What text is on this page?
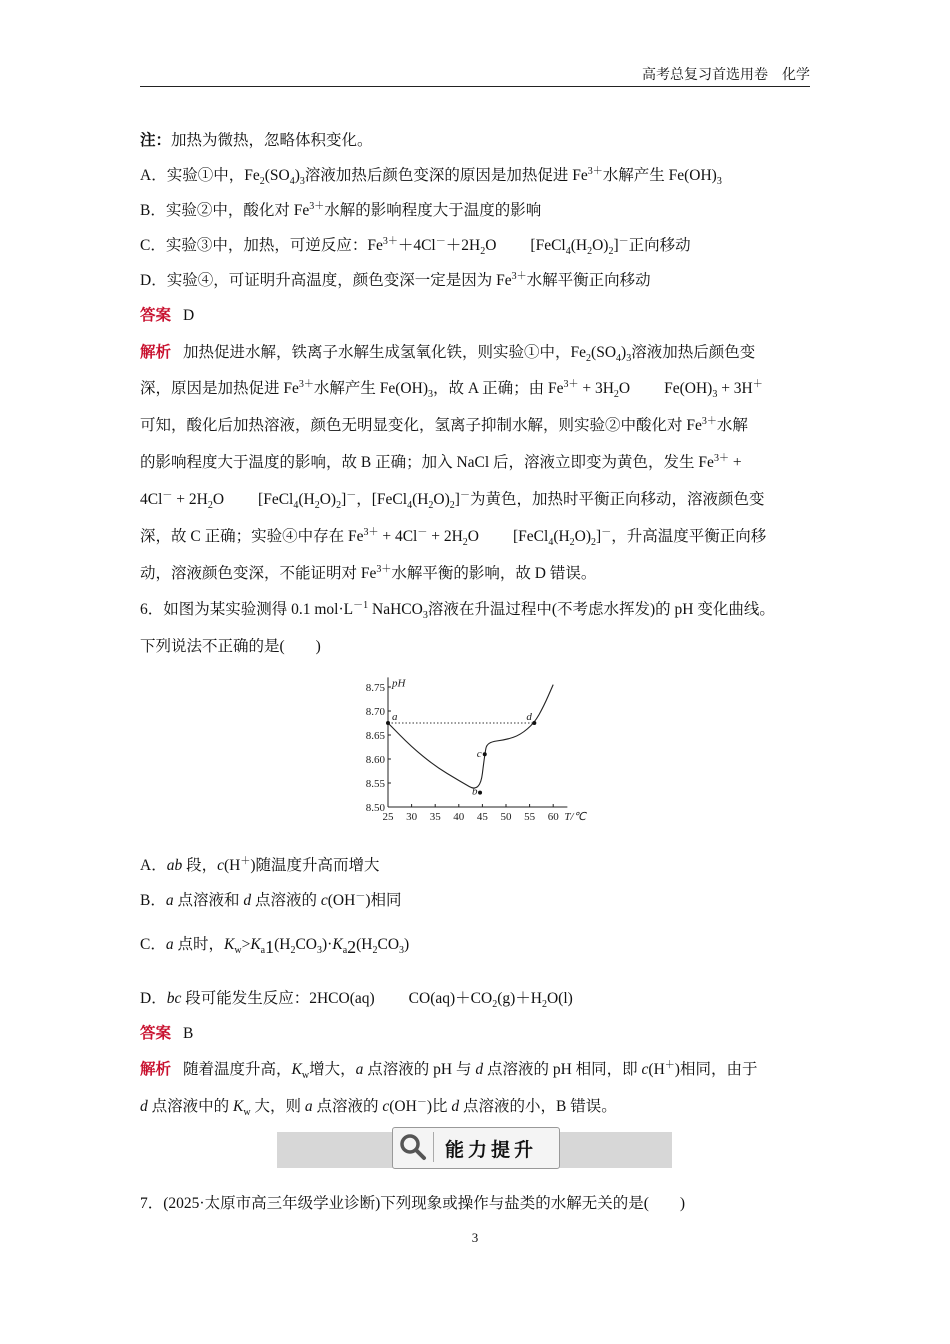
高考总复习首选用卷　化学
注：加热为微热，忽略体积变化。
A．实验①中，$Fe_2(SO_4)_3$溶液加热后颜色变深的原因是加热促进 $Fe^{3+}$水解产生 $Fe(OH)_3$
B．实验②中，酸化对 $Fe^{3+}$水解的影响程度大于温度的影响
C．实验③中，加热，可逆反应：$Fe^{3+}+4Cl^-+2H_2O$ $[FeCl_4(H_2O)_2]^-$正向移动
D．实验④，可证明升高温度，颜色变深一定是因为 $Fe^{3+}$水解平衡正向移动
答案 D
解析 加热促进水解，铁离子水解生成氢氧化铁，则实验①中，$Fe_2(SO_4)_3$溶液加热后颜色变
深，原因是加热促进 $Fe^{3+}$水解产生 $Fe(OH)_3$，故 A 正确；由 $Fe^{3+} + 3H_2O$ $Fe(OH)_3 + 3H^+$
可知，酸化后加热溶液，颜色无明显变化，氢离子抑制水解，则实验②中酸化对 $Fe^{3+}$水解
的影响程度大于温度的影响，故 B 正确；加入 NaCl 后，溶液立即变为黄色，发生 $Fe^{3+}$ +
$4Cl^- + 2H_2O$ $[FeCl_4(H_2O)_2]^-$，$[FeCl_4(H_2O)_2]^-$为黄色，加热时平衡正向移动，溶液颜色变
深，故 C 正确；实验④中存在 $Fe^{3+} + 4Cl^- + 2H_2O$ $[FeCl_4(H_2O)_2]^-$，升高温度平衡正向移
动，溶液颜色变深，不能证明对 $Fe^{3+}$水解平衡的影响，故 D 错误。
6．如图为某实验测得 0.1 $mol\cdot L^{-1}$ NaHCO$_3$溶液在升温过程中(不考虑水挥发)的 pH 变化曲线。
下列说法不正确的是(　　)
25 30 35 40 45 50 55 60
8.50
8.55
8.60
8.65
8.70
8.75 pH
T/℃
a
b
c
d
A．ab 段，c(H＋)随温度升高而增大
B．a 点溶液和 d 点溶液的 c(OH－)相同
C．a 点时，$K_w>K_a1(H_2CO_3)\cdot K_a2(H_2CO_3)$
D．bc 段可能发生反应：2HCO(aq) $CO(aq)+CO_2(g)+H_2O(l)$
答案 B
解析 随着温度升高，$K_w$增大，a 点溶液的 pH 与 d 点溶液的 pH 相同，即 c(H＋)相同，由于
d 点溶液中的 $K_w$ 大，则 a 点溶液的 c(OH－)比 d 点溶液的小，B 错误。
能力提升
7．(2025·太原市高三年级学业诊断)下列现象或操作与盐类的水解无关的是(　　)
3
